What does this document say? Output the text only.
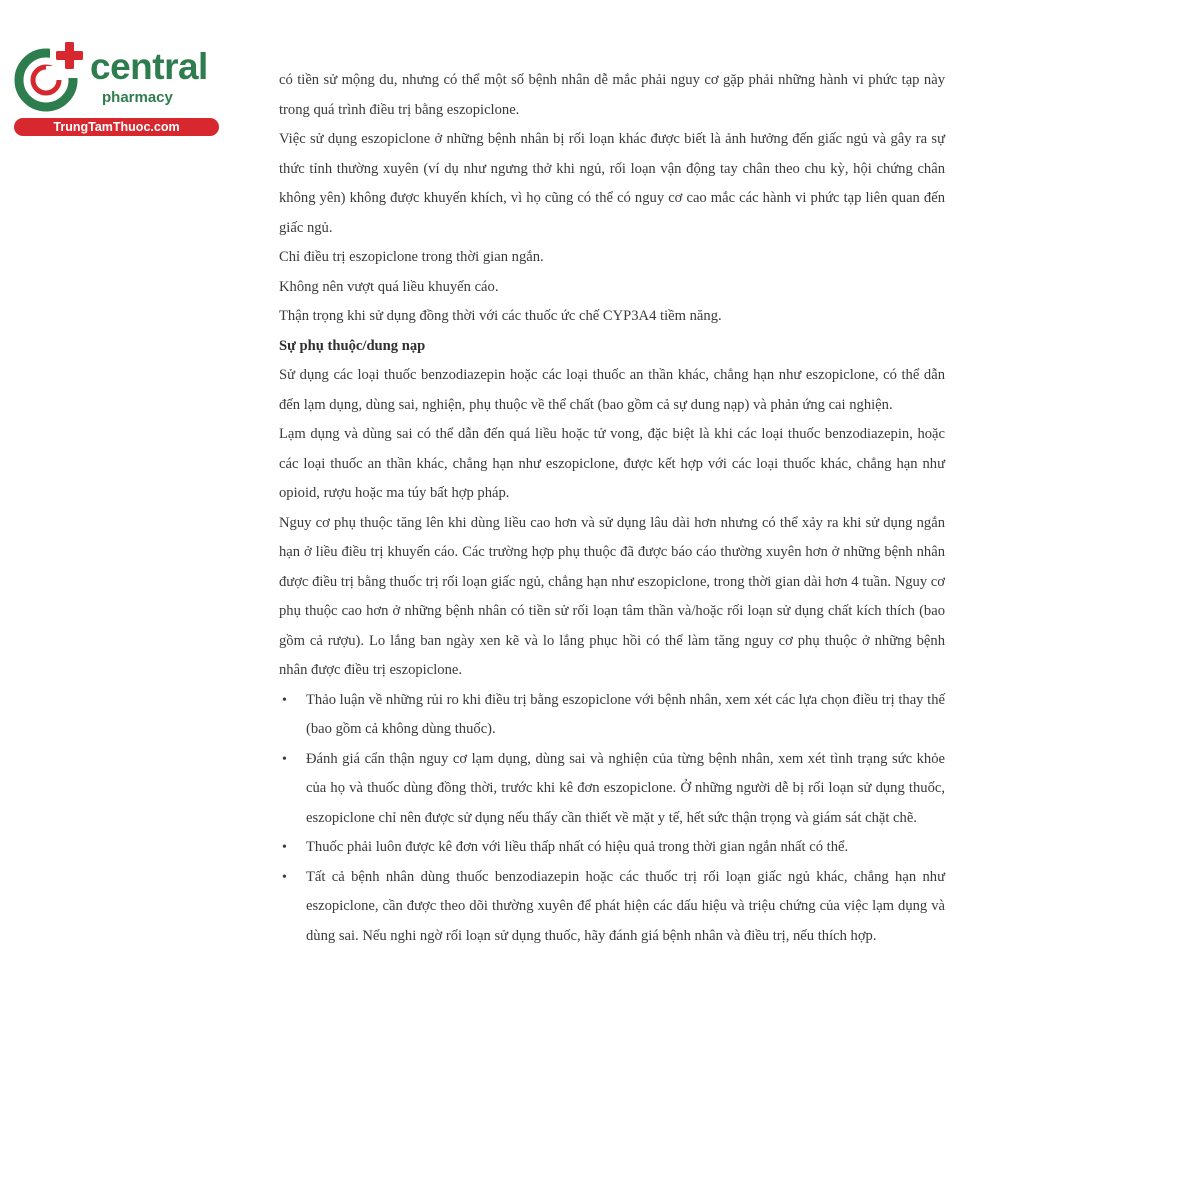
central
pharmacy
TrungTamThuoc.com

có tiền sử mộng du, nhưng có thể một số bệnh nhân dễ mắc phải nguy cơ gặp phải những hành vi phức tạp này trong quá trình điều trị bằng eszopiclone.

Việc sử dụng eszopiclone ở những bệnh nhân bị rối loạn khác được biết là ảnh hưởng đến giấc ngủ và gây ra sự thức tỉnh thường xuyên (ví dụ như ngưng thở khi ngủ, rối loạn vận động tay chân theo chu kỳ, hội chứng chân không yên) không được khuyến khích, vì họ cũng có thể có nguy cơ cao mắc các hành vi phức tạp liên quan đến giấc ngủ.

Chỉ điều trị eszopiclone trong thời gian ngắn.

Không nên vượt quá liều khuyến cáo.

Thận trọng khi sử dụng đồng thời với các thuốc ức chế CYP3A4 tiềm năng.

Sự phụ thuộc/dung nạp

Sử dụng các loại thuốc benzodiazepin hoặc các loại thuốc an thần khác, chẳng hạn như eszopiclone, có thể dẫn đến lạm dụng, dùng sai, nghiện, phụ thuộc về thể chất (bao gồm cả sự dung nạp) và phản ứng cai nghiện.

Lạm dụng và dùng sai có thể dẫn đến quá liều hoặc tử vong, đặc biệt là khi các loại thuốc benzodiazepin, hoặc các loại thuốc an thần khác, chẳng hạn như eszopiclone, được kết hợp với các loại thuốc khác, chẳng hạn như opioid, rượu hoặc ma túy bất hợp pháp.

Nguy cơ phụ thuộc tăng lên khi dùng liều cao hơn và sử dụng lâu dài hơn nhưng có thể xảy ra khi sử dụng ngắn hạn ở liều điều trị khuyến cáo. Các trường hợp phụ thuộc đã được báo cáo thường xuyên hơn ở những bệnh nhân được điều trị bằng thuốc trị rối loạn giấc ngủ, chẳng hạn như eszopiclone, trong thời gian dài hơn 4 tuần. Nguy cơ phụ thuộc cao hơn ở những bệnh nhân có tiền sử rối loạn tâm thần và/hoặc rối loạn sử dụng chất kích thích (bao gồm cả rượu). Lo lắng ban ngày xen kẽ và lo lắng phục hồi có thể làm tăng nguy cơ phụ thuộc ở những bệnh nhân được điều trị eszopiclone.

• Thảo luận về những rủi ro khi điều trị bằng eszopiclone với bệnh nhân, xem xét các lựa chọn điều trị thay thế (bao gồm cả không dùng thuốc).
• Đánh giá cẩn thận nguy cơ lạm dụng, dùng sai và nghiện của từng bệnh nhân, xem xét tình trạng sức khỏe của họ và thuốc dùng đồng thời, trước khi kê đơn eszopiclone. Ở những người dễ bị rối loạn sử dụng thuốc, eszopiclone chỉ nên được sử dụng nếu thấy cần thiết về mặt y tế, hết sức thận trọng và giám sát chặt chẽ.
• Thuốc phải luôn được kê đơn với liều thấp nhất có hiệu quả trong thời gian ngắn nhất có thể.
• Tất cả bệnh nhân dùng thuốc benzodiazepin hoặc các thuốc trị rối loạn giấc ngủ khác, chẳng hạn như eszopiclone, cần được theo dõi thường xuyên để phát hiện các dấu hiệu và triệu chứng của việc lạm dụng và dùng sai. Nếu nghi ngờ rối loạn sử dụng thuốc, hãy đánh giá bệnh nhân và điều trị, nếu thích hợp.
